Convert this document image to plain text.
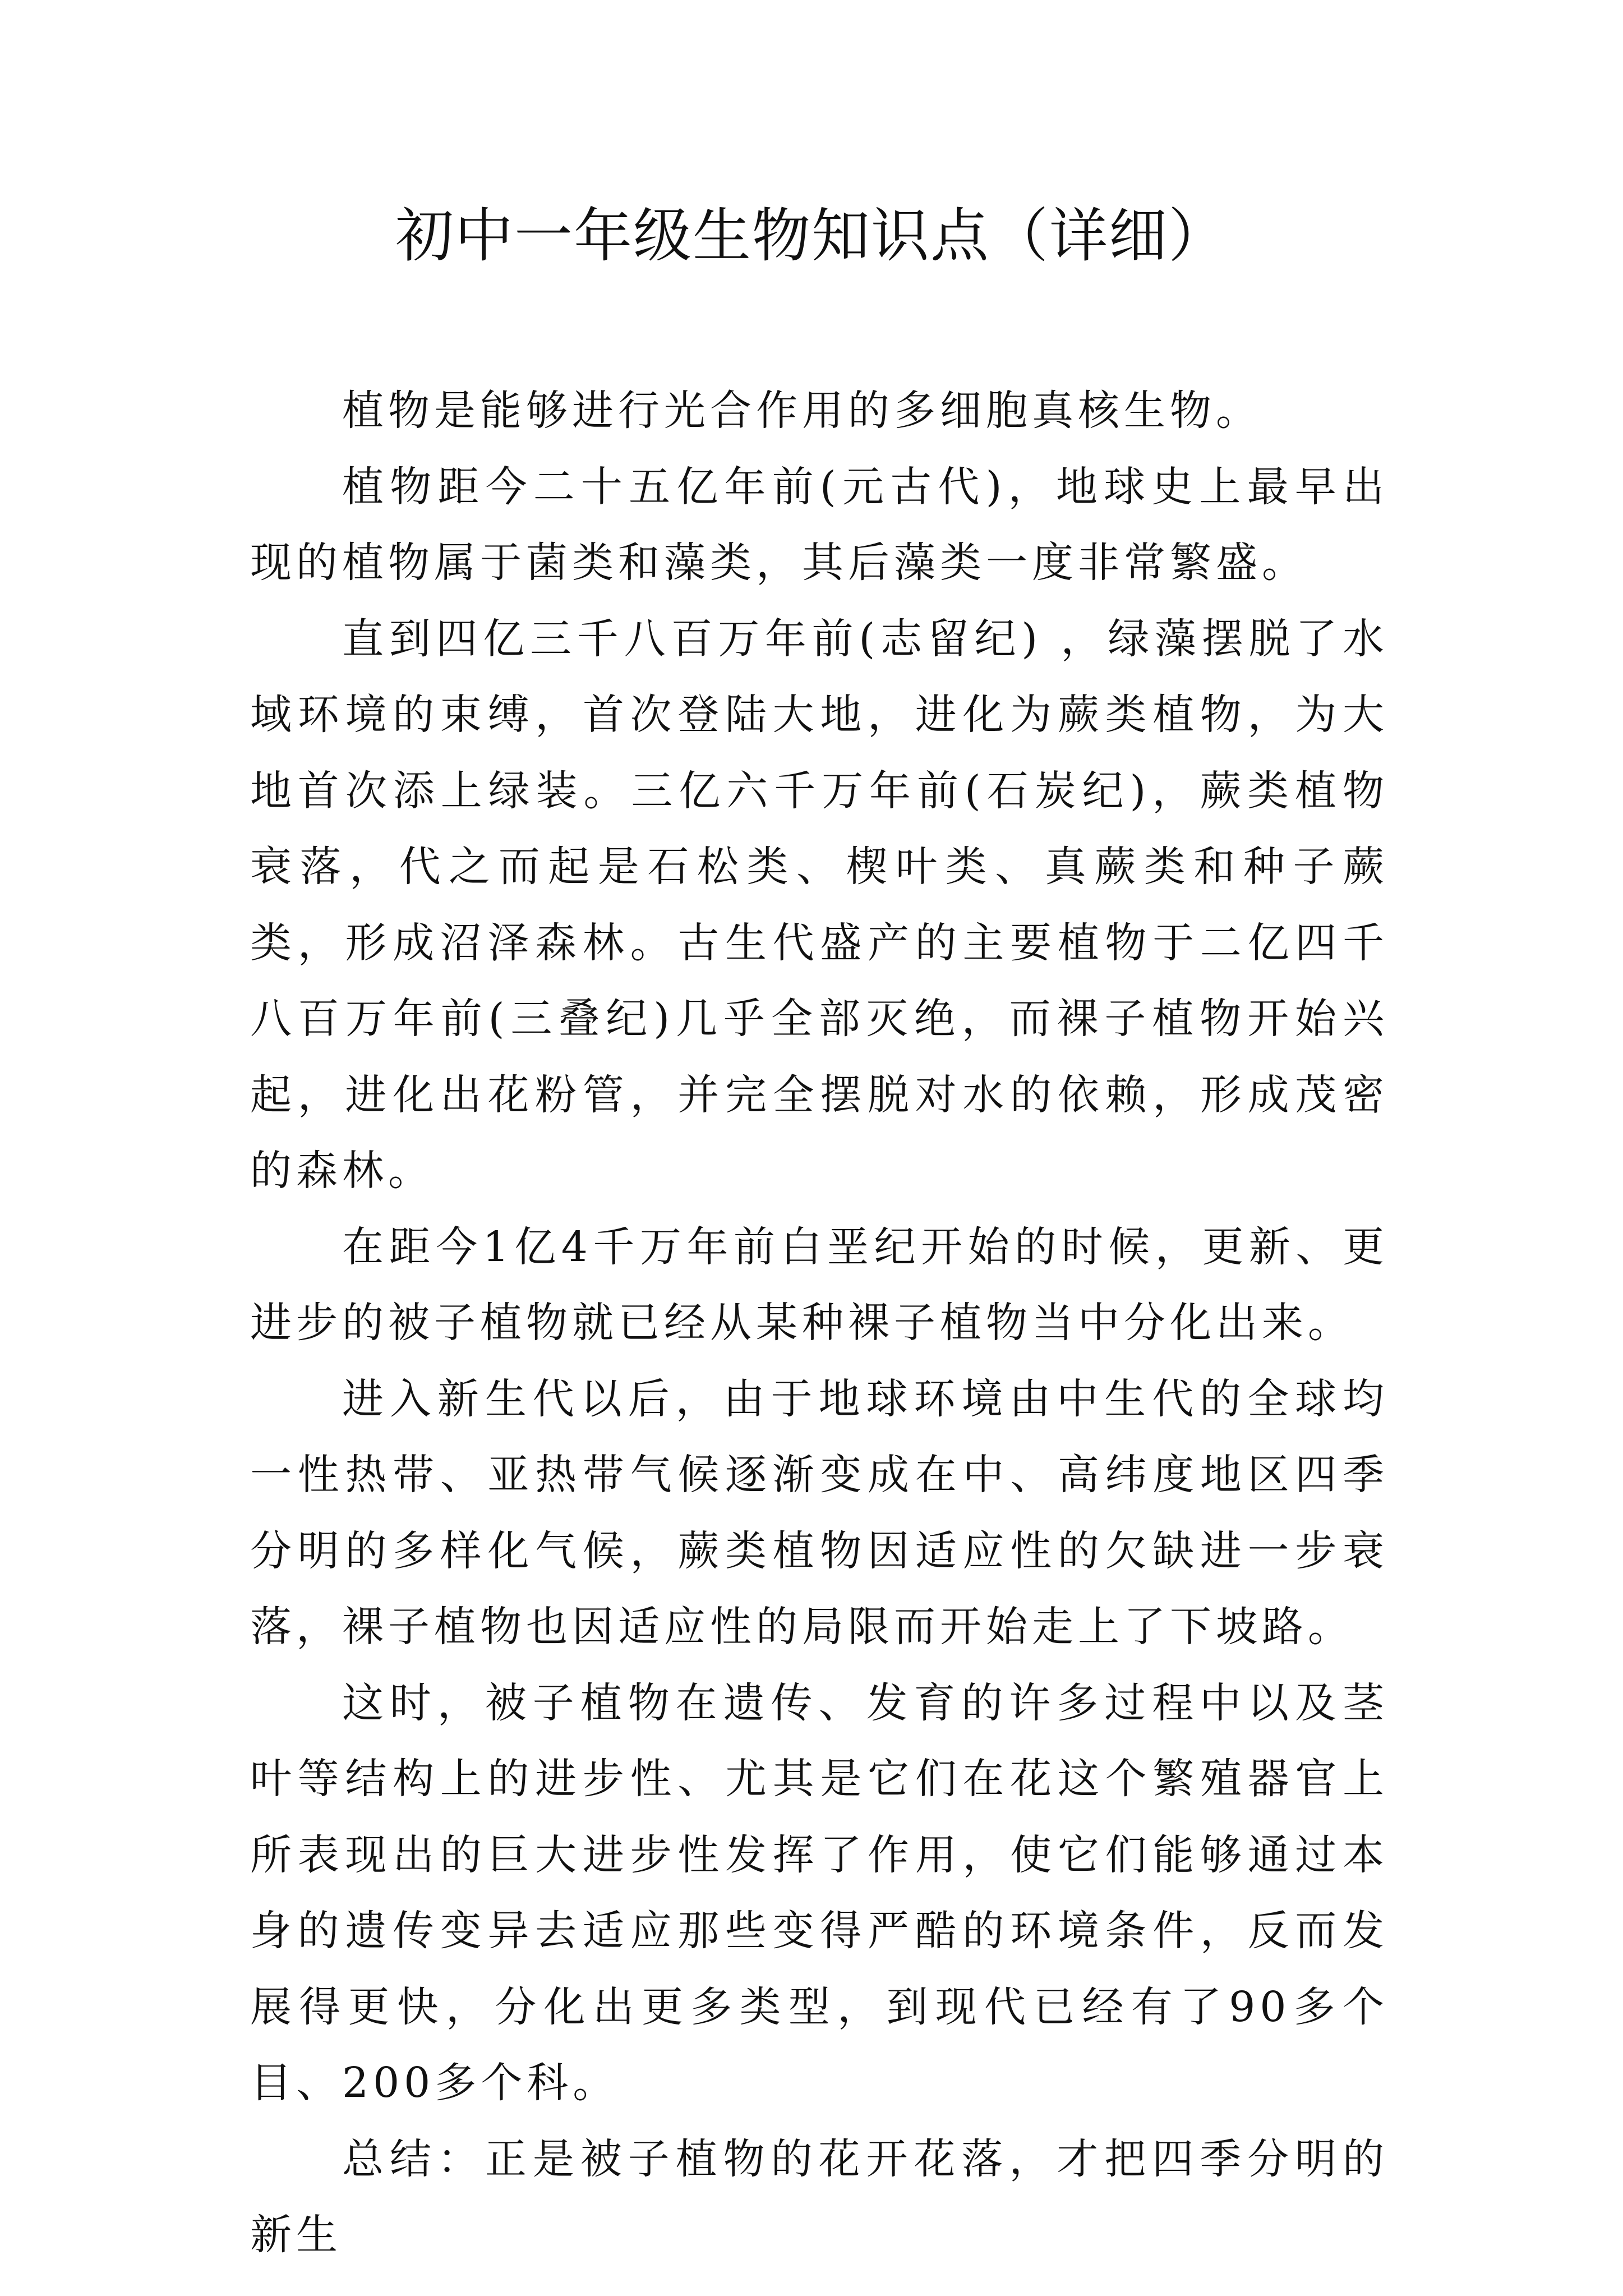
初中一年级生物知识点（详细）

植物是能够进行光合作用的多细胞真核生物。

植物距今二十五亿年前(元古代)，地球史上最早出现的植物属于菌类和藻类，其后藻类一度非常繁盛。

直到四亿三千八百万年前(志留纪) ，绿藻摆脱了水域环境的束缚，首次登陆大地，进化为蕨类植物，为大地首次添上绿装。三亿六千万年前(石炭纪)，蕨类植物衰落，代之而起是石松类、楔叶类、真蕨类和种子蕨类，形成沼泽森林。古生代盛产的主要植物于二亿四千八百万年前(三叠纪)几乎全部灭绝，而裸子植物开始兴起，进化出花粉管，并完全摆脱对水的依赖，形成茂密的森林。

在距今1亿4千万年前白垩纪开始的时候，更新、更进步的被子植物就已经从某种裸子植物当中分化出来。

进入新生代以后，由于地球环境由中生代的全球均一性热带、亚热带气候逐渐变成在中、高纬度地区四季分明的多样化气候，蕨类植物因适应性的欠缺进一步衰落，裸子植物也因适应性的局限而开始走上了下坡路。

这时，被子植物在遗传、发育的许多过程中以及茎叶等结构上的进步性、尤其是它们在花这个繁殖器官上所表现出的巨大进步性发挥了作用，使它们能够通过本身的遗传变异去适应那些变得严酷的环境条件，反而发展得更快，分化出更多类型，到现代已经有了90多个目、200多个科。

总结：正是被子植物的花开花落，才把四季分明的新生
